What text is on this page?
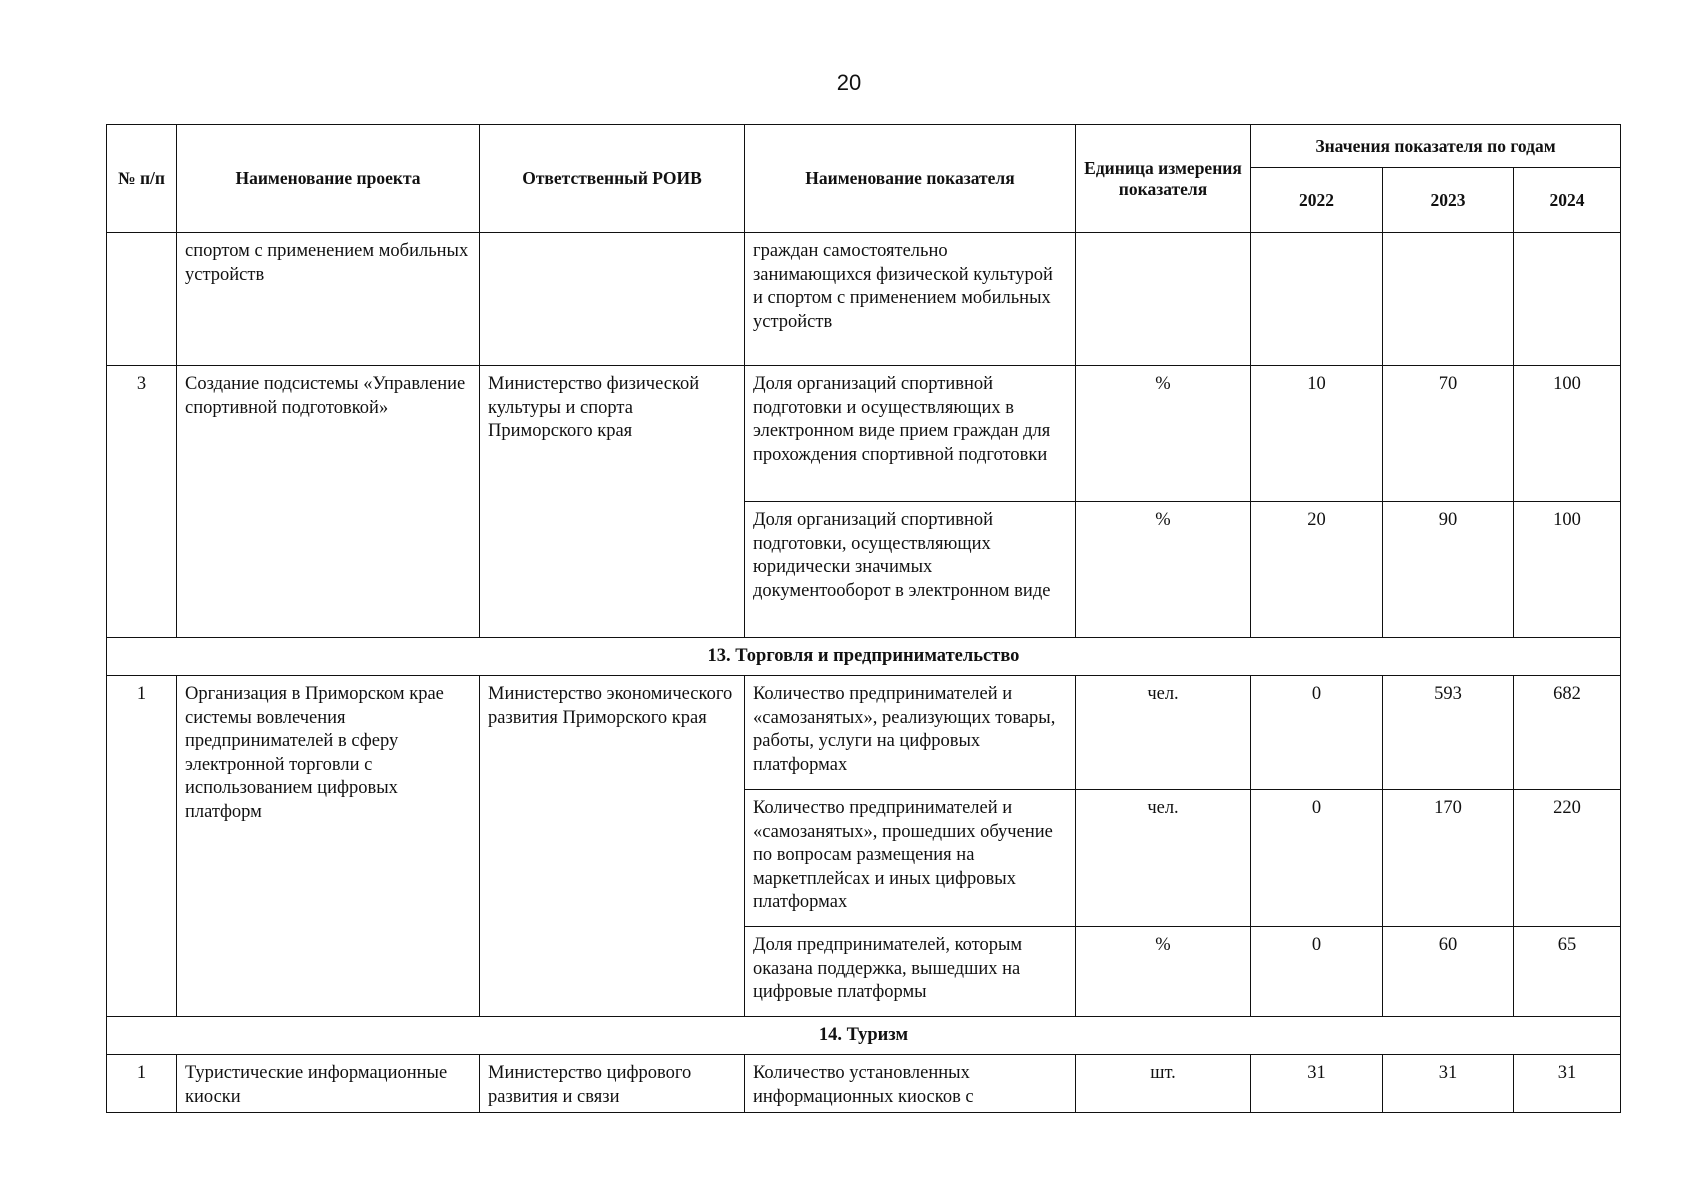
20
№ п/п	Наименование проекта	Ответственный РОИВ	Наименование показателя	Единица измерения показателя	Значения показателя по годам		
					2022	2023	2024
	спортом с применением мобильных устройств		граждан самостоятельно занимающихся физической культурой и спортом с применением мобильных устройств				
3	Создание подсистемы «Управление спортивной подготовкой»	Министерство физической культуры и спорта Приморского края	Доля организаций спортивной подготовки и осуществляющих в электронном виде прием граждан для прохождения спортивной подготовки	%	10	70	100
			Доля организаций спортивной подготовки, осуществляющих юридически значимых документооборот в электронном виде	%	20	90	100
13. Торговля и предпринимательство							
1	Организация в Приморском крае системы вовлечения предпринимателей в сферу электронной торговли с использованием цифровых платформ	Министерство экономического развития Приморского края	Количество предпринимателей и «самозанятых», реализующих товары, работы, услуги на цифровых платформах	чел.	0	593	682
			Количество предпринимателей и «самозанятых», прошедших обучение по вопросам размещения на маркетплейсах и иных цифровых платформах	чел.	0	170	220
			Доля предпринимателей, которым оказана поддержка, вышедших на цифровые платформы	%	0	60	65
14. Туризм							
1	Туристические информационные киоски	Министерство цифрового развития и связи	Количество установленных информационных киосков с	шт.	31	31	31
